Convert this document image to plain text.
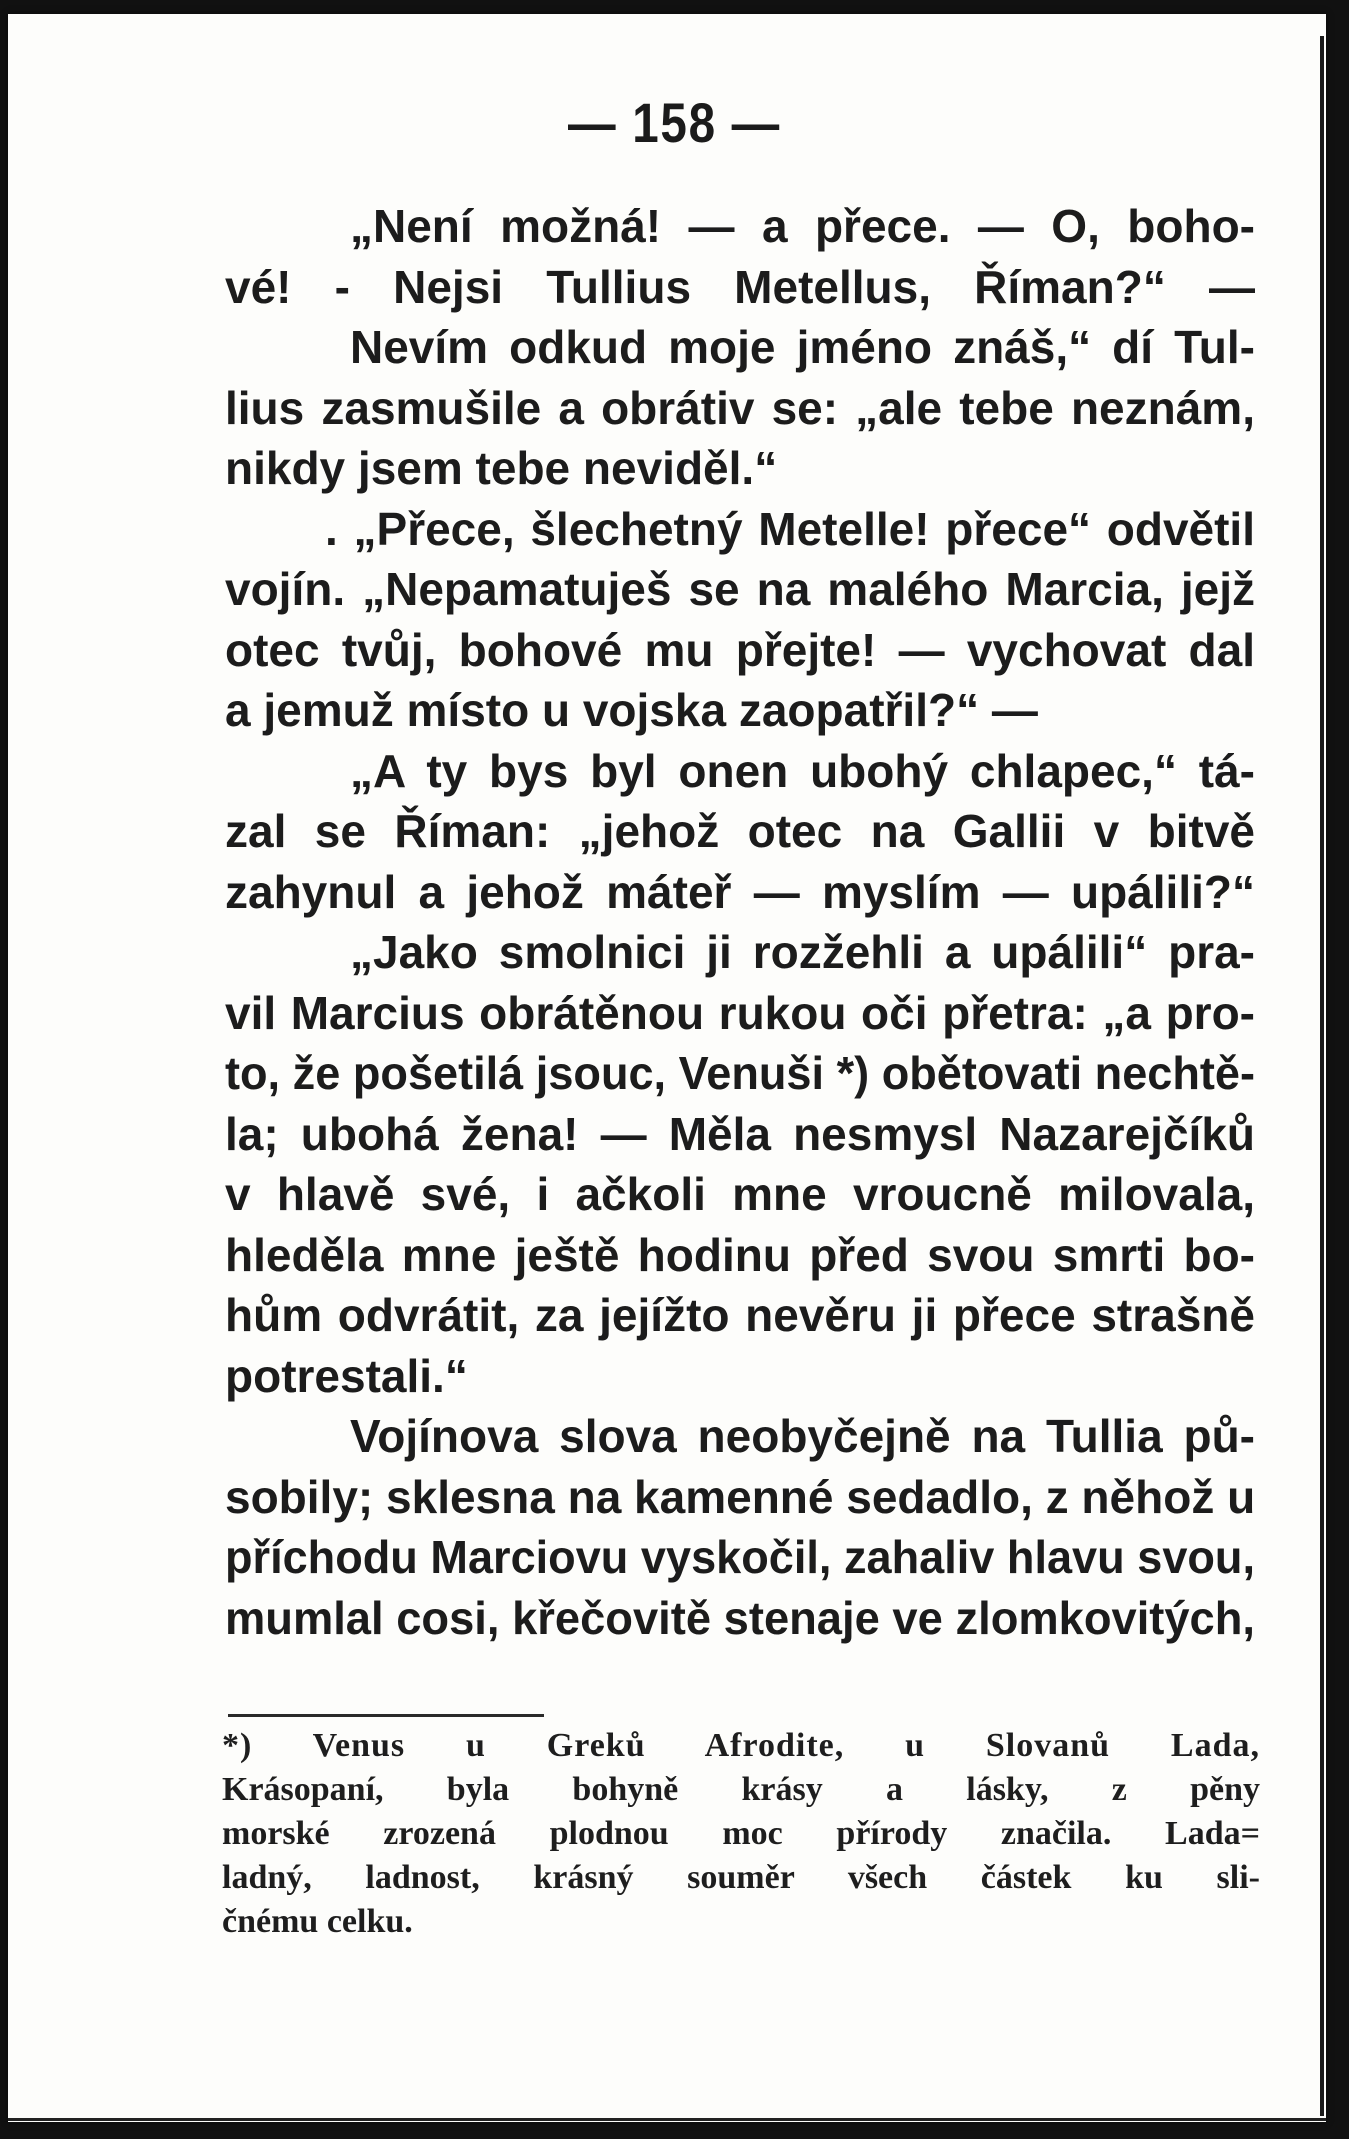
— 158 —
„Není možná! — a přece. — O, boho-
vé! - Nejsi Tullius Metellus, Říman?“ —
Nevím odkud moje jméno znáš,“ dí Tul-
lius zasmušile a obrátiv se: „ale tebe neznám,
nikdy jsem tebe neviděl.“
. „Přece, šlechetný Metelle! přece“ odvětil
vojín. „Nepamatuješ se na malého Marcia, jejž
otec tvůj, bohové mu přejte! — vychovat dal
a jemuž místo u vojska zaopatřil?“ —
„A ty bys byl onen ubohý chlapec,“ tá-
zal se Říman: „jehož otec na Gallii v bitvě
zahynul a jehož máteř — myslím — upálili?“
„Jako smolnici ji rozžehli a upálili“ pra-
vil Marcius obrátěnou rukou oči přetra: „a pro-
to, že pošetilá jsouc, Venuši *) obětovati nechtě-
la; ubohá žena! — Měla nesmysl Nazarejčíků
v hlavě své, i ačkoli mne vroucně milovala,
hleděla mne ještě hodinu před svou smrti bo-
hům odvrátit, za jejížto nevěru ji přece strašně
potrestali.“
Vojínova slova neobyčejně na Tullia pů-
sobily; sklesna na kamenné sedadlo, z něhož u
příchodu Marciovu vyskočil, zahaliv hlavu svou,
mumlal cosi, křečovitě stenaje ve zlomkovitých,
*) Venus u Greků Afrodite, u Slovanů Lada,
Krásopaní, byla bohyně krásy a lásky, z pěny
morské zrozená plodnou moc přírody značila. Lada=
ladný, ladnost, krásný souměr všech částek ku sli-
čnému celku.
